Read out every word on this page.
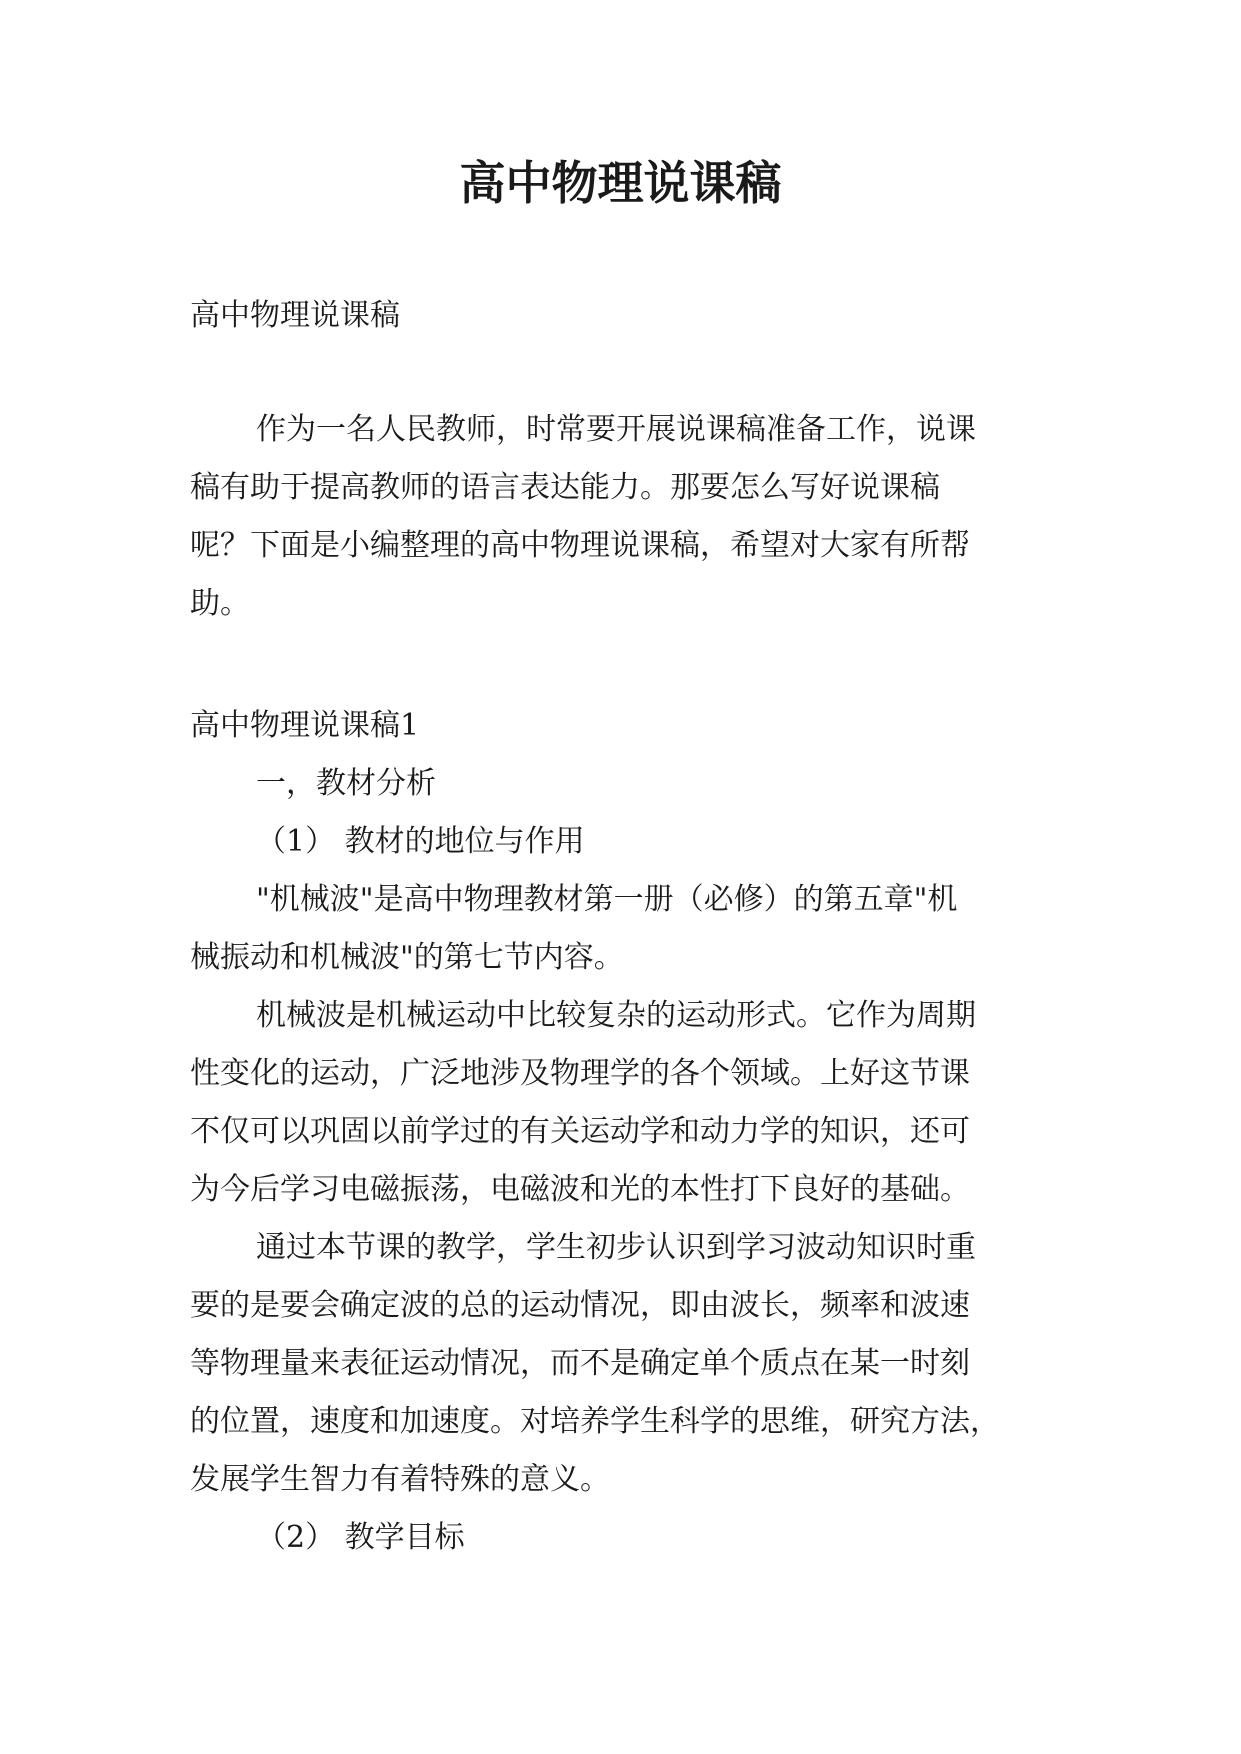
高中物理说课稿

高中物理说课稿

作为一名人民教师，时常要开展说课稿准备工作，说课

稿有助于提高教师的语言表达能力。那要怎么写好说课稿

呢？下面是小编整理的高中物理说课稿，希望对大家有所帮

助。

高中物理说课稿1

一，教材分析

（1） 教材的地位与作用

"机械波"是高中物理教材第一册（必修）的第五章"机

械振动和机械波"的第七节内容。

机械波是机械运动中比较复杂的运动形式。它作为周期

性变化的运动，广泛地涉及物理学的各个领域。上好这节课

不仅可以巩固以前学过的有关运动学和动力学的知识，还可

为今后学习电磁振荡，电磁波和光的本性打下良好的基础。

通过本节课的教学，学生初步认识到学习波动知识时重

要的是要会确定波的总的运动情况，即由波长，频率和波速

等物理量来表征运动情况，而不是确定单个质点在某一时刻

的位置，速度和加速度。对培养学生科学的思维，研究方法，

发展学生智力有着特殊的意义。

（2） 教学目标
